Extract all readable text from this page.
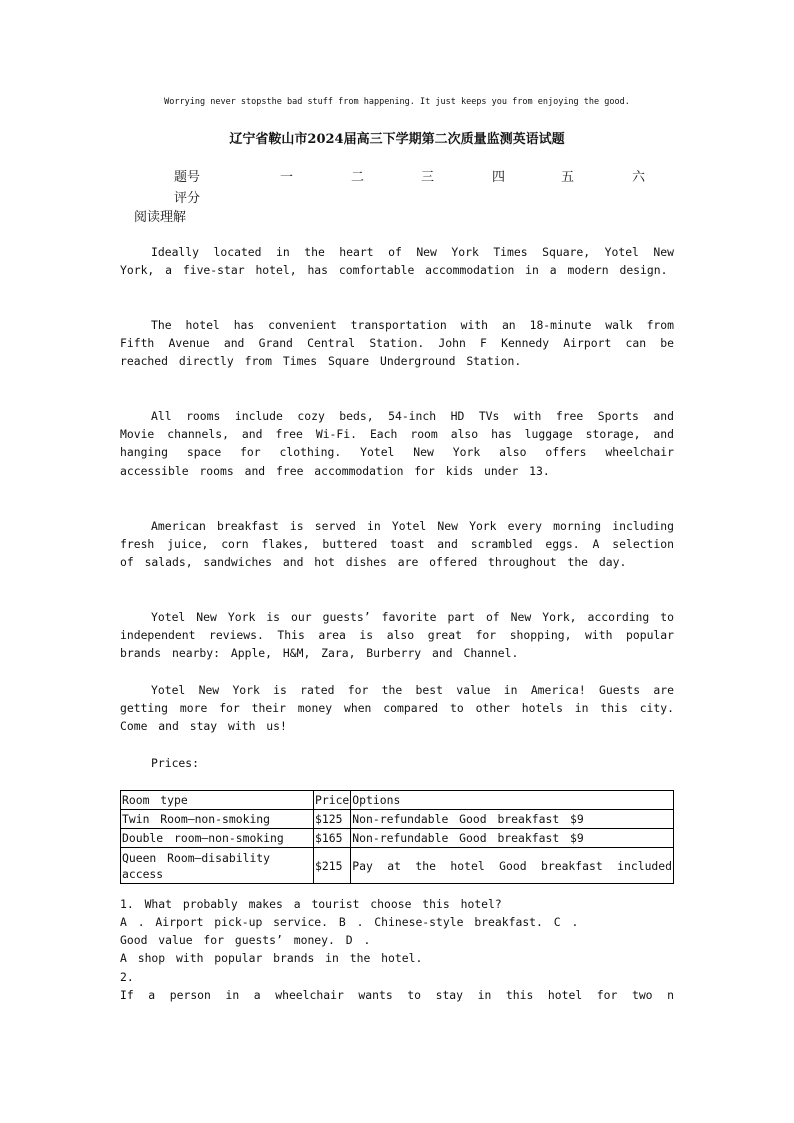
Worrying never stopsthe bad stuff from happening. It just keeps you from enjoying the good.
辽宁省鞍山市2024届高三下学期第二次质量监测英语试题
题号	一	二	三	四	五	六
评分
阅读理解

Ideally located in the heart of New York Times Square, Yotel New York, a five-star hotel, has comfortable accommodation in a modern design.

The hotel has convenient transportation with an 18-minute walk from Fifth Avenue and Grand Central Station. John F Kennedy Airport can be reached directly from Times Square Underground Station.

All rooms include cozy beds, 54-inch HD TVs with free Sports and Movie channels, and free Wi-Fi. Each room also has luggage storage, and hanging space for clothing. Yotel New York also offers wheelchair accessible rooms and free accommodation for kids under 13.

American breakfast is served in Yotel New York every morning including fresh juice, corn flakes, buttered toast and scrambled eggs. A selection of salads, sandwiches and hot dishes are offered throughout the day.

Yotel New York is our guests’ favorite part of New York, according to independent reviews. This area is also great for shopping, with popular brands nearby: Apple, H&M, Zara, Burberry and Channel.

Yotel New York is rated for the best value in America! Guests are getting more for their money when compared to other hotels in this city. Come and stay with us!

Prices:

Room type	Price	Options
Twin Room—non-smoking	$125	Non-refundable Good breakfast $9
Double room—non-smoking	$165	Non-refundable Good breakfast $9
Queen Room—disability access	$215	Pay at the hotel Good breakfast included
1. What probably makes a tourist choose this hotel?
A . Airport pick-up service. B . Chinese-style breakfast. C .
Good value for guests’ money. D .
A shop with popular brands in the hotel.
2.
If a person in a wheelchair wants to stay in this hotel for two n
